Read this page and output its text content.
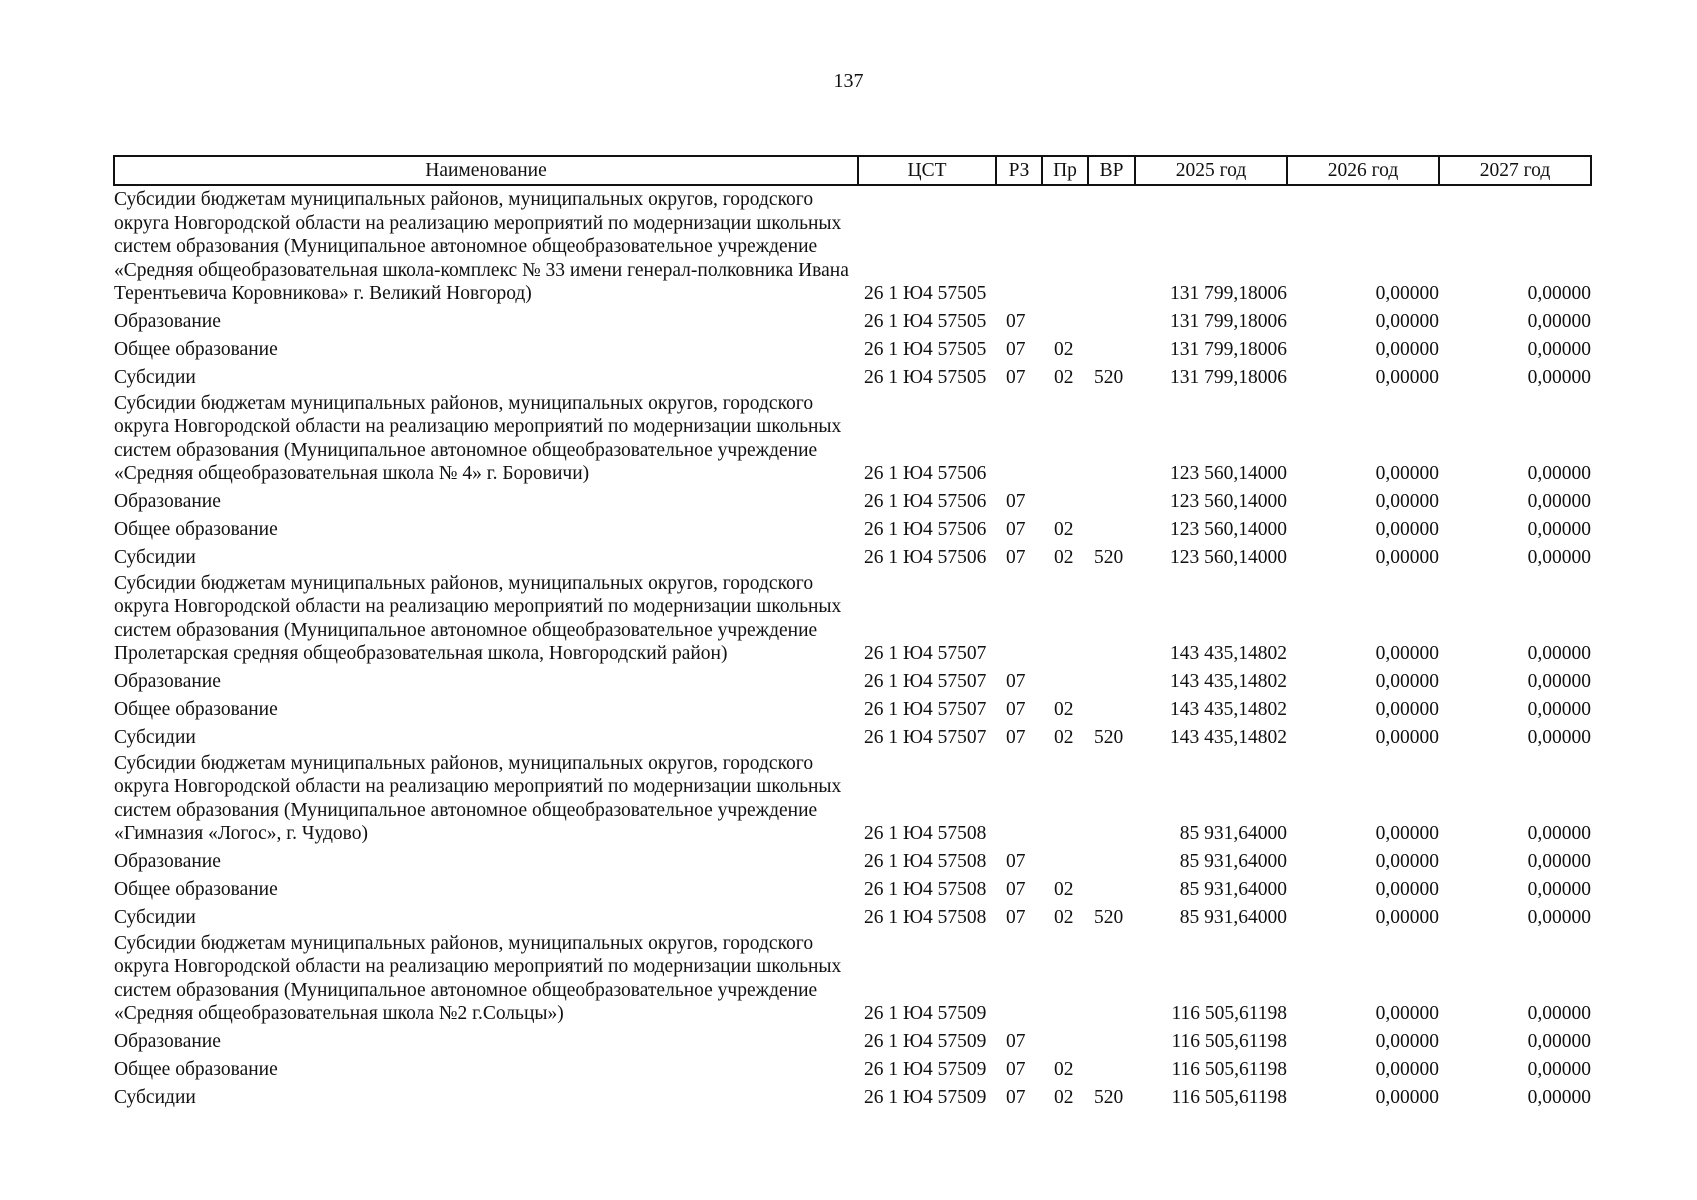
137
Наименование	ЦСТ	РЗ	Пр	ВР	2025 год	2026 год	2027 год
Субсидии бюджетам муниципальных районов, муниципальных округов, городского округа Новгородской области на реализацию мероприятий по модернизации школьных систем образования (Муниципальное автономное общеобразовательное учреждение «Средняя общеобразовательная школа-комплекс № 33 имени генерал-полковника Ивана Терентьевича Коровникова» г. Великий Новгород)	26 1 Ю4 57505				131 799,18006	0,00000	0,00000
Образование	26 1 Ю4 57505	07			131 799,18006	0,00000	0,00000
Общее образование	26 1 Ю4 57505	07	02		131 799,18006	0,00000	0,00000
Субсидии	26 1 Ю4 57505	07	02	520	131 799,18006	0,00000	0,00000
Субсидии бюджетам муниципальных районов, муниципальных округов, городского округа Новгородской области на реализацию мероприятий по модернизации школьных систем образования (Муниципальное автономное общеобразовательное учреждение «Средняя общеобразовательная школа № 4» г. Боровичи)	26 1 Ю4 57506				123 560,14000	0,00000	0,00000
Образование	26 1 Ю4 57506	07			123 560,14000	0,00000	0,00000
Общее образование	26 1 Ю4 57506	07	02		123 560,14000	0,00000	0,00000
Субсидии	26 1 Ю4 57506	07	02	520	123 560,14000	0,00000	0,00000
Субсидии бюджетам муниципальных районов, муниципальных округов, городского округа Новгородской области на реализацию мероприятий по модернизации школьных систем образования (Муниципальное автономное общеобразовательное учреждение Пролетарская средняя общеобразовательная школа, Новгородский район)	26 1 Ю4 57507				143 435,14802	0,00000	0,00000
Образование	26 1 Ю4 57507	07			143 435,14802	0,00000	0,00000
Общее образование	26 1 Ю4 57507	07	02		143 435,14802	0,00000	0,00000
Субсидии	26 1 Ю4 57507	07	02	520	143 435,14802	0,00000	0,00000
Субсидии бюджетам муниципальных районов, муниципальных округов, городского округа Новгородской области на реализацию мероприятий по модернизации школьных систем образования (Муниципальное автономное общеобразовательное учреждение «Гимназия «Логос», г. Чудово)	26 1 Ю4 57508				85 931,64000	0,00000	0,00000
Образование	26 1 Ю4 57508	07			85 931,64000	0,00000	0,00000
Общее образование	26 1 Ю4 57508	07	02		85 931,64000	0,00000	0,00000
Субсидии	26 1 Ю4 57508	07	02	520	85 931,64000	0,00000	0,00000
Субсидии бюджетам муниципальных районов, муниципальных округов, городского округа Новгородской области на реализацию мероприятий по модернизации школьных систем образования (Муниципальное автономное общеобразовательное учреждение «Средняя общеобразовательная школа №2 г.Сольцы»)	26 1 Ю4 57509				116 505,61198	0,00000	0,00000
Образование	26 1 Ю4 57509	07			116 505,61198	0,00000	0,00000
Общее образование	26 1 Ю4 57509	07	02		116 505,61198	0,00000	0,00000
Субсидии	26 1 Ю4 57509	07	02	520	116 505,61198	0,00000	0,00000
